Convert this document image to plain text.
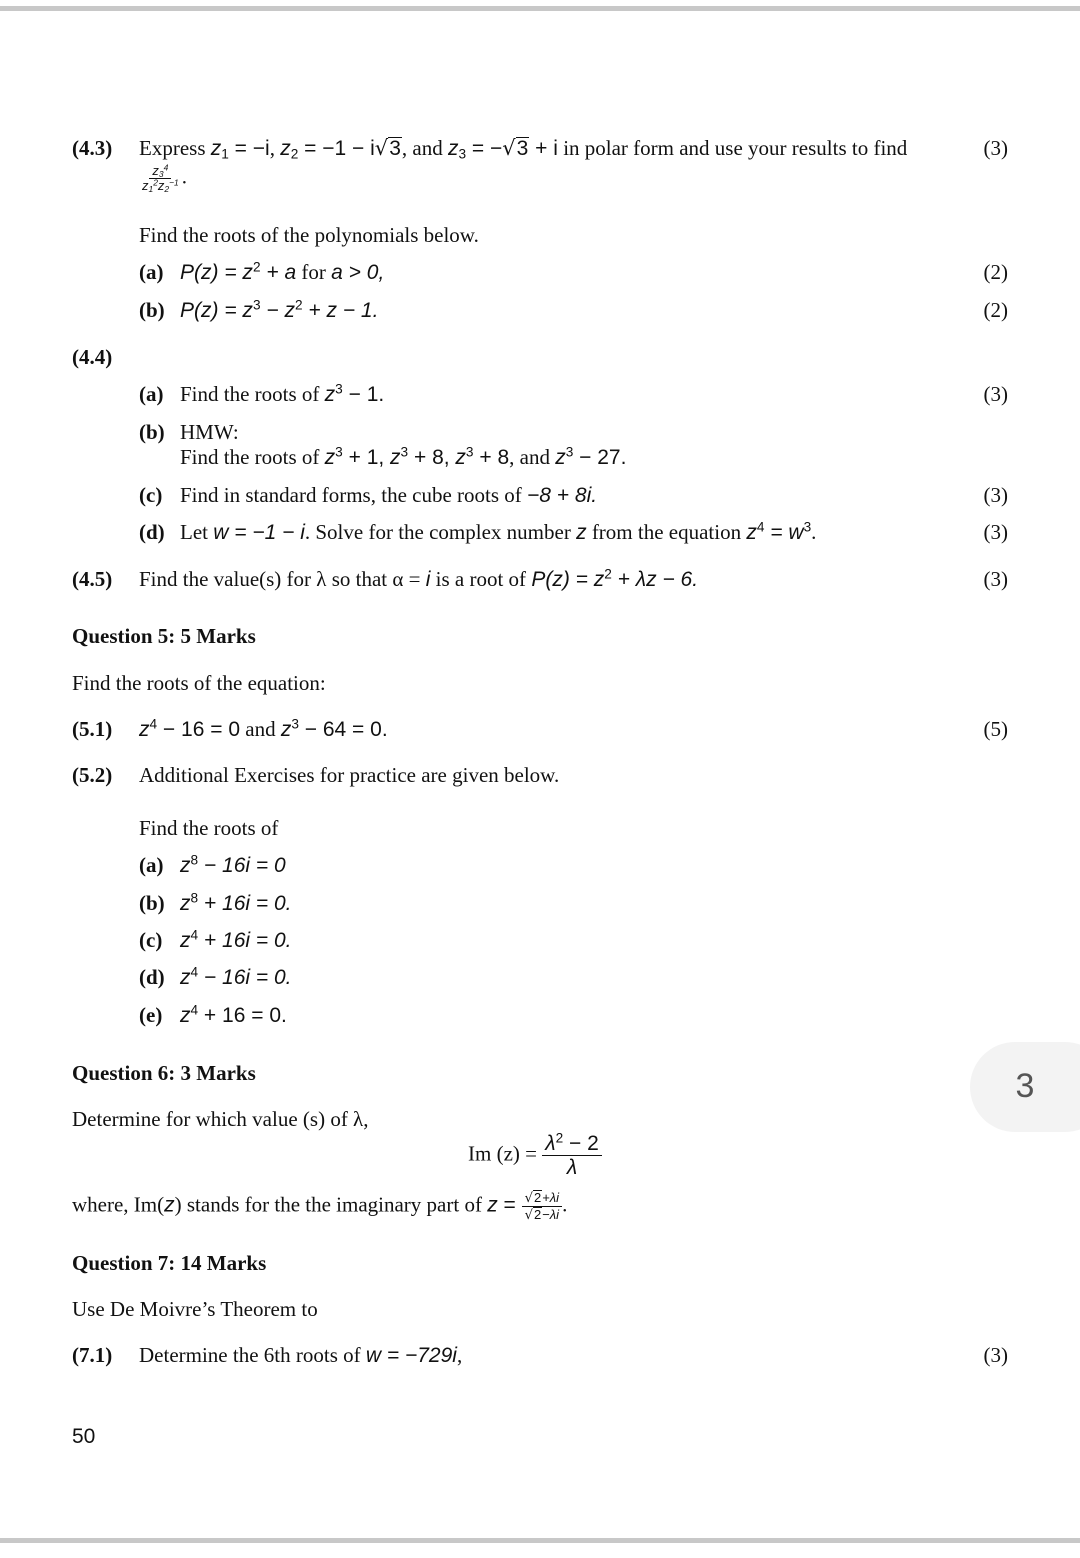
(4.3) Express $z_1 = -i$, $z_2 = -1 - i√3$, and $z_3 = -√3 + i$ in polar form and use your results to find	(3)
$\frac{z_3^4}{z_1^2z_2^{-1}}$ .
Find the roots of the polynomials below.
(a) $P(z) = z^2 + a$ for a > 0,	(2)
(b) $P(z) = z^3 - z^2 + z - 1$.	(2)
(4.4)
(a) Find the roots of $z^3 - 1$.	(3)
(b) HMW:
Find the roots of $z^3 + 1$, $z^3 + 8$, $z^3 + 8$, and $z^3 - 27$.
(c) Find in standard forms, the cube roots of −8 + 8i.	(3)
(d) Let w = −1 − i. Solve for the complex number z from the equation $z^4 = w^3$.	(3)
(4.5) Find the value(s) for λ so that α = i is a root of $P(z) = z^2 + \lambda z - 6$.	(3)
Question 5: 5 Marks
Find the roots of the equation:
(5.1) $z^4 - 16 = 0$ and $z^3 - 64 = 0$.	(5)
(5.2) Additional Exercises for practice are given below.
Find the roots of
(a) $z^8 - 16i = 0$
(b) $z^8 + 16i = 0$.
(c) $z^4 + 16i = 0$.
(d) $z^4 - 16i = 0$.
(e) $z^4 + 16 = 0$.
Question 6: 3 Marks
Determine for which value (s) of λ,
Im $(z) = \frac{\lambda^2 - 2}{\lambda}$
where, Im(z) stands for the the imaginary part of $z = \frac{√2+\lambda i}{√2-\lambda i}$ .
Question 7: 14 Marks
Use De Moivre’s Theorem to
(7.1) Determine the 6th roots of w = −729i,	(3)
50
3
